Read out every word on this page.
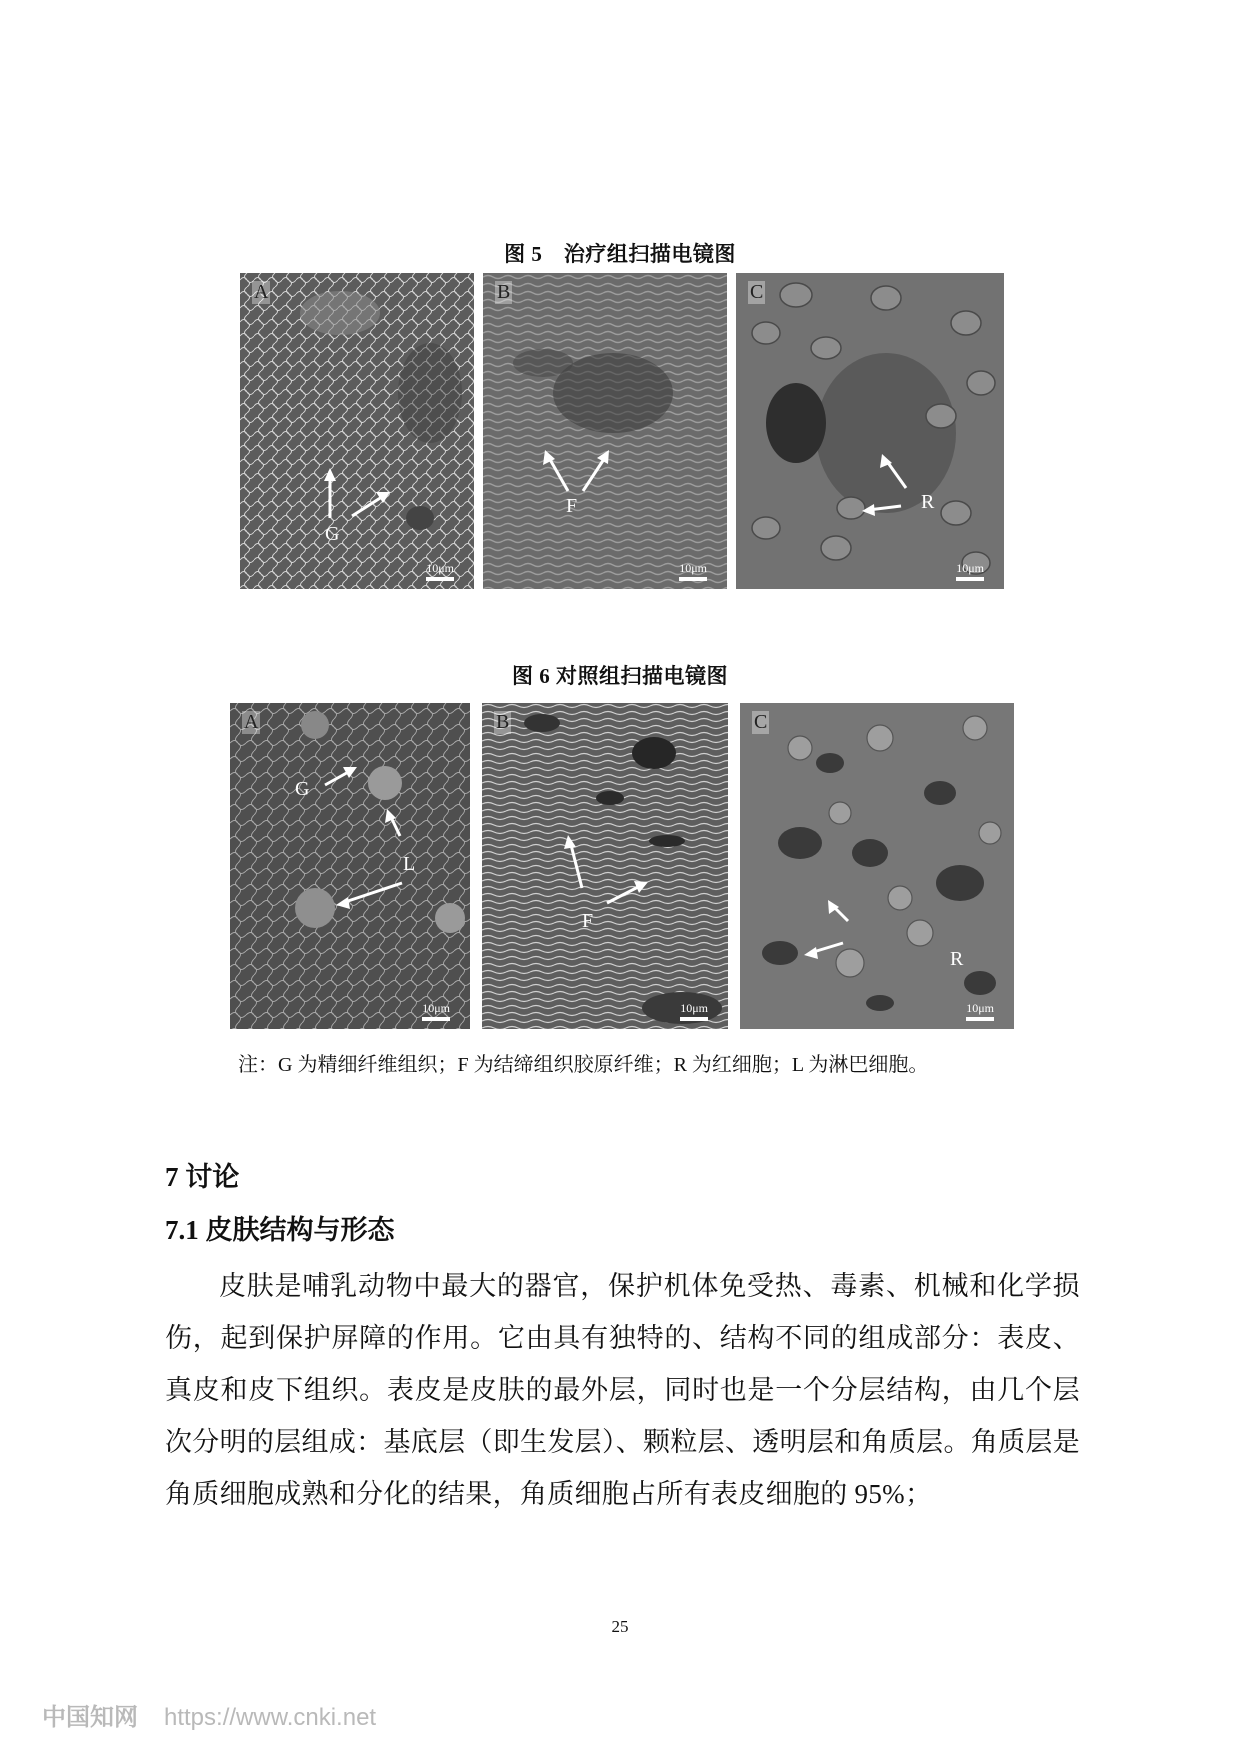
图 5　治疗组扫描电镜图
A
G
10μm
B
F
10μm
C
R
10μm
图 6 对照组扫描电镜图
A
G
L
10μm
B
F
10μm
C
R
10μm
注：G 为精细纤维组织；F 为结缔组织胶原纤维；R 为红细胞；L 为淋巴细胞。
7 讨论
7.1 皮肤结构与形态
皮肤是哺乳动物中最大的器官，保护机体免受热、毒素、机械和化学损伤，起到保护屏障的作用。它由具有独特的、结构不同的组成部分：表皮、真皮和皮下组织。表皮是皮肤的最外层，同时也是一个分层结构，由几个层次分明的层组成：基底层（即生发层）、颗粒层、透明层和角质层。角质层是角质细胞成熟和分化的结果，角质细胞占所有表皮细胞的 95%；
25
中国知网 https://www.cnki.net
